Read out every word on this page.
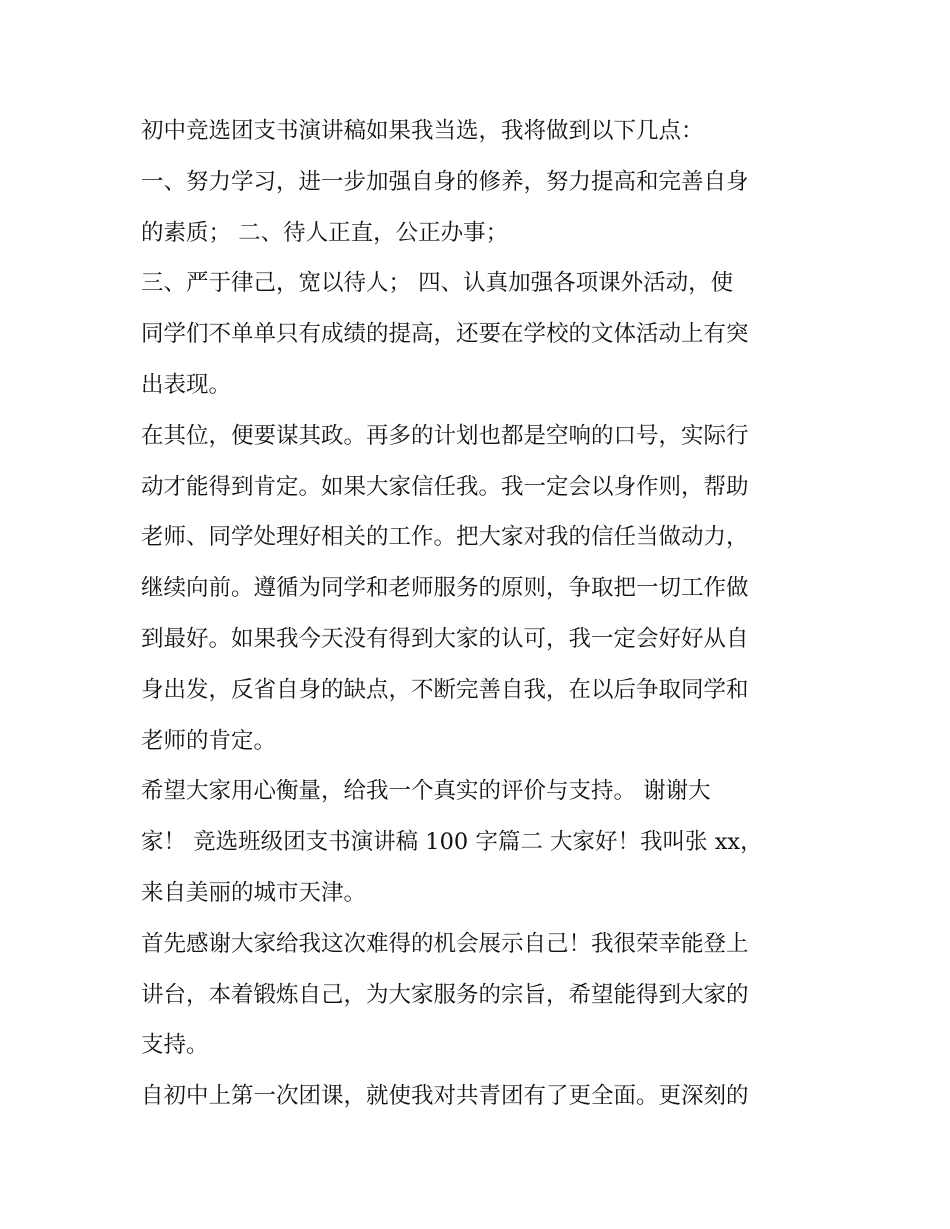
初中竞选团支书演讲稿如果我当选，我将做到以下几点：
一、努力学习，进一步加强自身的修养，努力提高和完善自身
的素质； 二、待人正直，公正办事；
三、严于律己，宽以待人； 四、认真加强各项课外活动，使
同学们不单单只有成绩的提高，还要在学校的文体活动上有突
出表现。
在其位，便要谋其政。再多的计划也都是空响的口号，实际行
动才能得到肯定。如果大家信任我。我一定会以身作则，帮助
老师、同学处理好相关的工作。把大家对我的信任当做动力，
继续向前。遵循为同学和老师服务的原则，争取把一切工作做
到最好。如果我今天没有得到大家的认可，我一定会好好从自
身出发，反省自身的缺点，不断完善自我，在以后争取同学和
老师的肯定。
希望大家用心衡量，给我一个真实的评价与支持。 谢谢大
家！ 竞选班级团支书演讲稿 100 字篇二 大家好！我叫张 xx，
来自美丽的城市天津。
首先感谢大家给我这次难得的机会展示自己！我很荣幸能登上
讲台，本着锻炼自己，为大家服务的宗旨，希望能得到大家的
支持。
自初中上第一次团课，就使我对共青团有了更全面。更深刻的
